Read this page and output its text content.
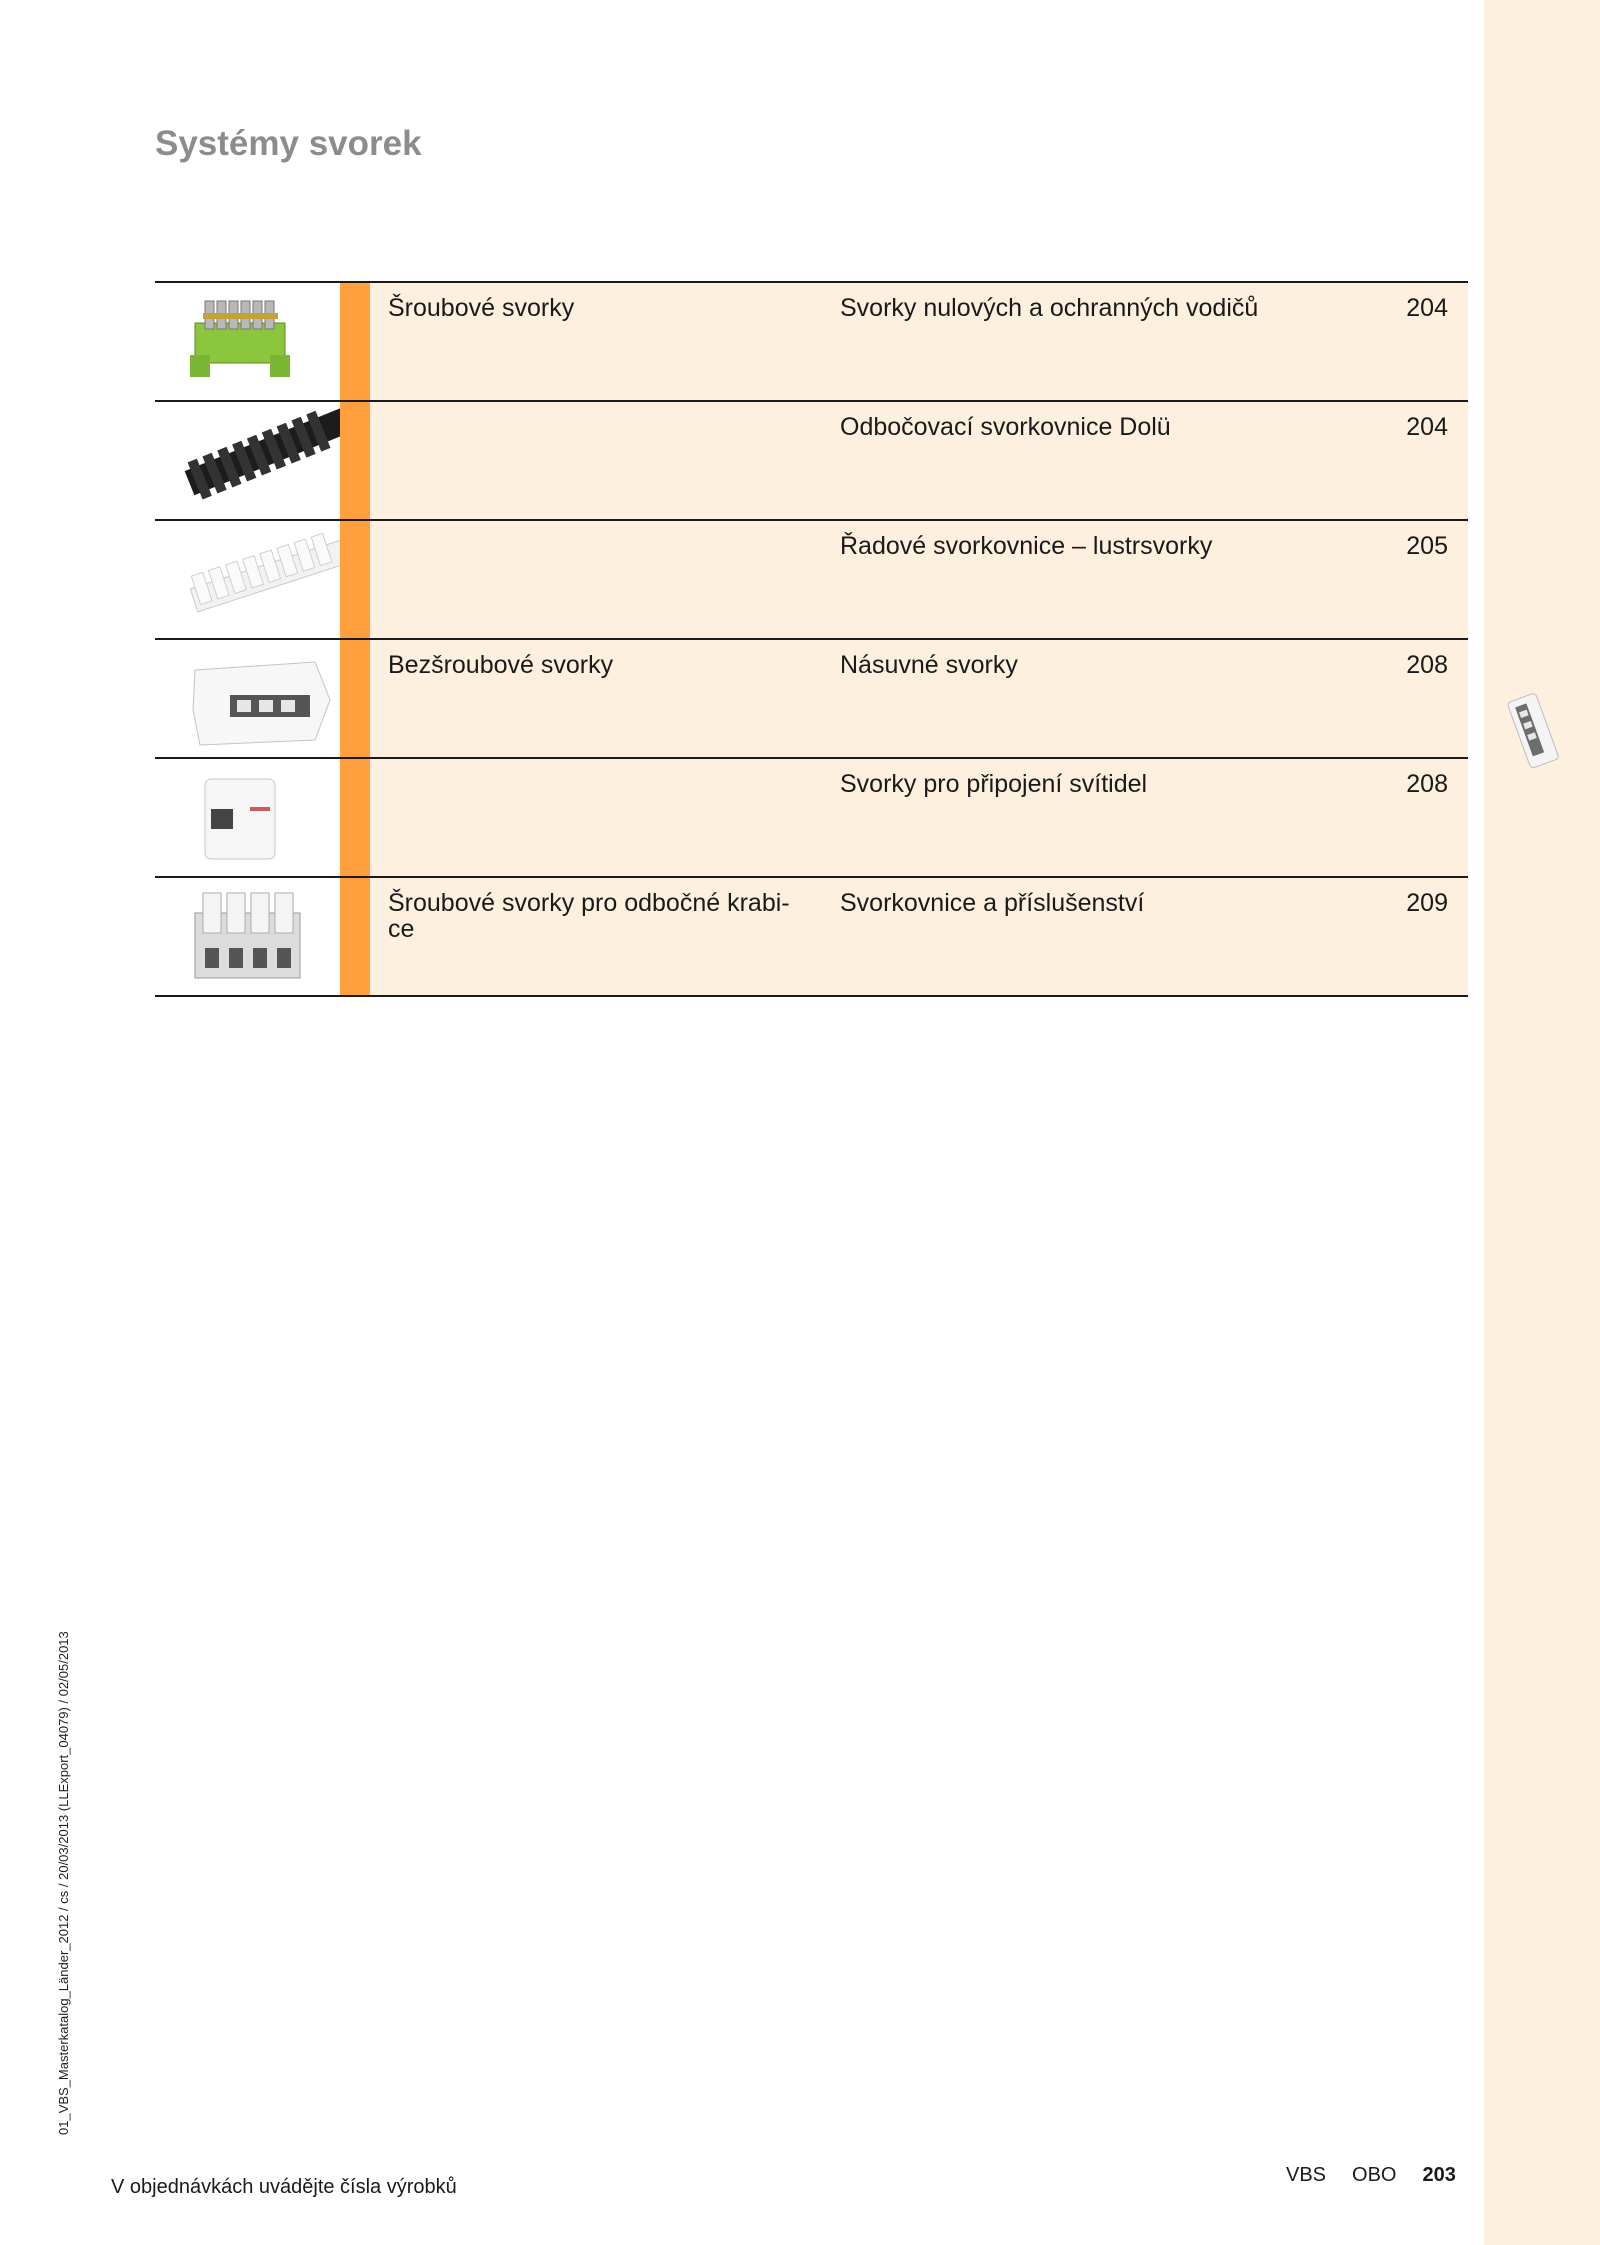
Systémy svorek
Šroubové svorky	Svorky nulových a ochranných vodičů	204
Odbočovací svorkovnice Dolü	204
Řadové svorkovnice – lustrsvorky	205
Bezšroubové svorky	Násuvné svorky	208
Svorky pro připojení svítidel	208
Šroubové svorky pro odbočné krabi-
ce
Svorkovnice a příslušenství	209
01_VBS_Masterkatalog_Länder_2012 / cs / 20/03/2013 (LLExport_04079) / 02/05/2013
V objednávkách uvádějte čísla výrobků
VBS OBO 203
